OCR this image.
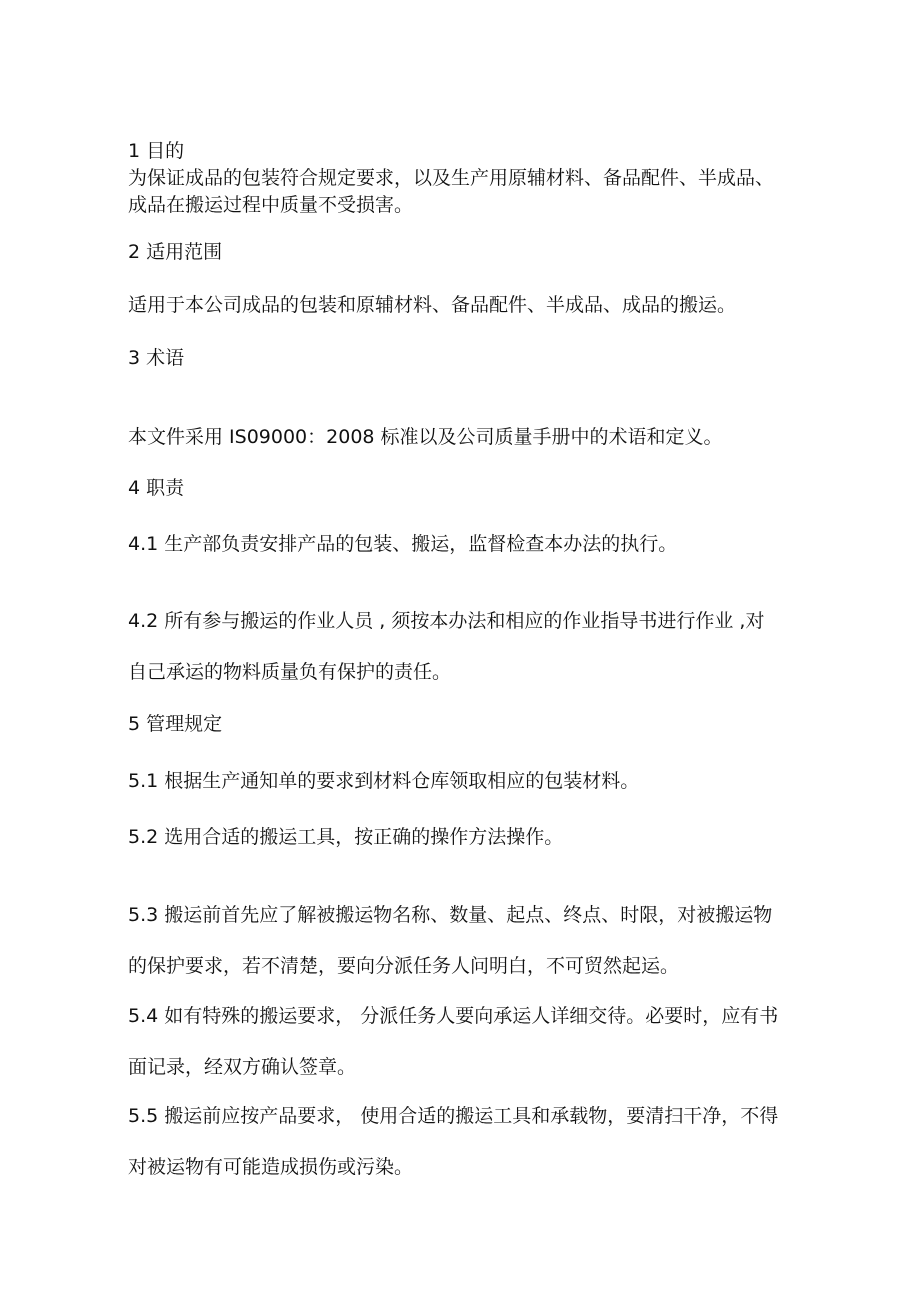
1 目的
为保证成品的包装符合规定要求，以及生产用原辅材料、备品配件、半成品、
成品在搬运过程中质量不受损害。
2 适用范围
适用于本公司成品的包装和原辅材料、备品配件、半成品、成品的搬运。
3 术语
本文件采用 IS09000：2008 标准以及公司质量手册中的术语和定义。
4 职责
4.1 生产部负责安排产品的包装、搬运，监督检查本办法的执行。
4.2 所有参与搬运的作业人员 , 须按本办法和相应的作业指导书进行作业 ,对
自己承运的物料质量负有保护的责任。
5 管理规定
5.1 根据生产通知单的要求到材料仓库领取相应的包装材料。
5.2 选用合适的搬运工具，按正确的操作方法操作。
5.3 搬运前首先应了解被搬运物名称、数量、起点、终点、时限，对被搬运物
的保护要求，若不清楚，要向分派任务人问明白，不可贸然起运。
5.4 如有特殊的搬运要求， 分派任务人要向承运人详细交待。必要时，应有书
面记录，经双方确认签章。
5.5 搬运前应按产品要求， 使用合适的搬运工具和承载物，要清扫干净，不得
对被运物有可能造成损伤或污染。
